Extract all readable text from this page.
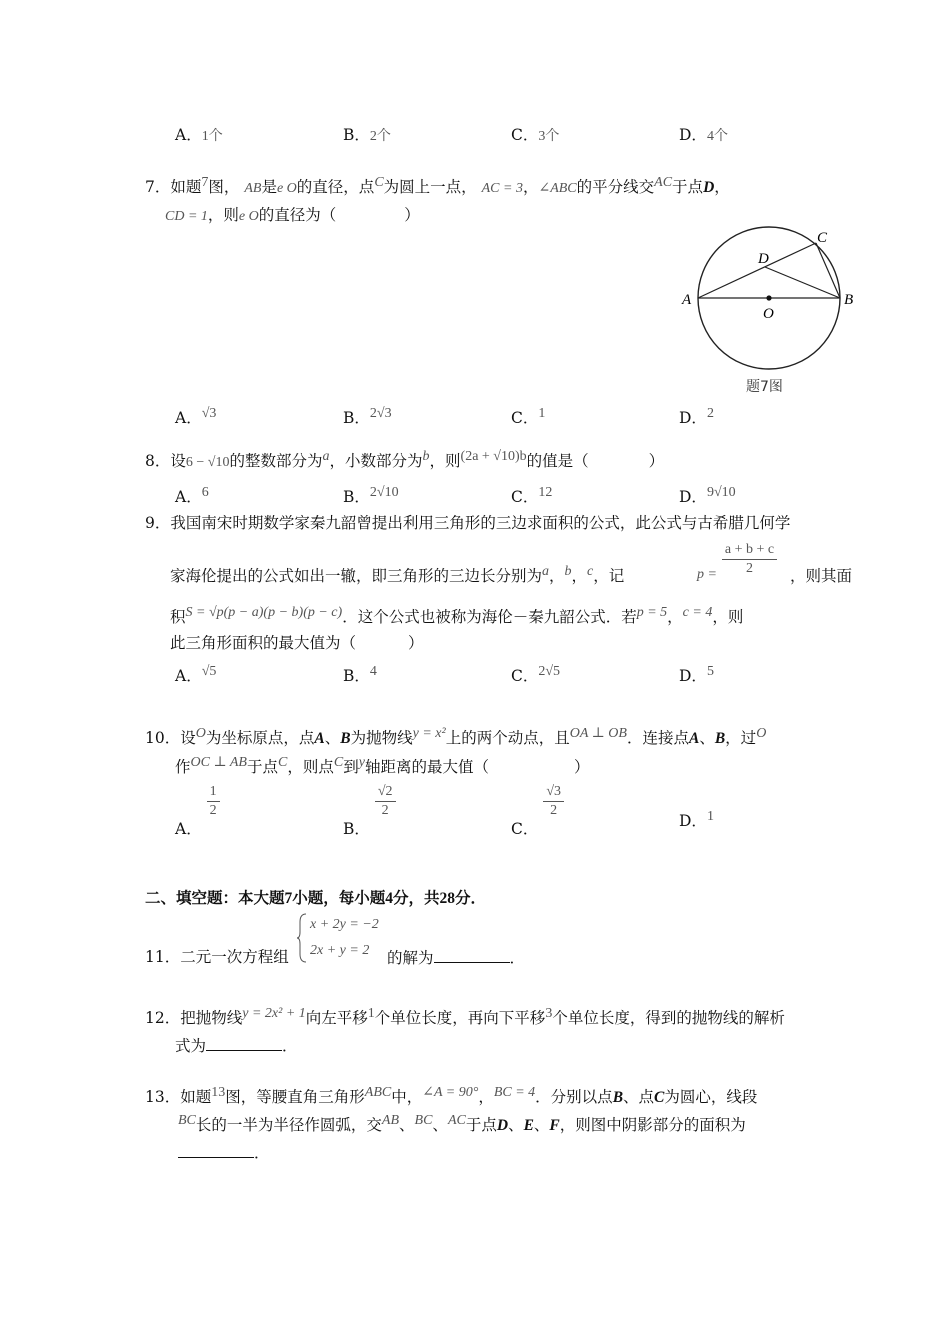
A．1个	B．2个	C．3个	D．4个
7．如题7图， AB是e O的直径，点C为圆上一点， AC = 3，∠ABC的平分线交AC于点D，
CD = 1，则e O的直径为（	）
A	B
C
D
O
题7图
A．√3	B．2√3	C．1	D．2
8．设6 − √10的整数部分为a，小数部分为b，则(2a + √10)b的值是（	）
A．6	B．2√10	C．12	D．9√10
9．我国南宋时期数学家秦九韶曾提出利用三角形的三边求面积的公式，此公式与古希腊几何学
家海伦提出的公式如出一辙，即三角形的三边长分别为a，b，c，记	$p = \frac{a + b + c}{2}$ ，则其面
积S = √p(p − a)(p − b)(p − c)．这个公式也被称为海伦－秦九韶公式．若p = 5，c = 4，则
此三角形面积的最大值为（	）
A．√5	B．4	C．2√5	D．5
10．设O为坐标原点，点A、B为抛物线y = x²上的两个动点，且OA ⊥ OB．连接点A、B，过O
作OC ⊥ AB于点C，则点C到y轴距离的最大值（	）
A．
$\frac{1}{2}$
B．
$\frac{√2}{2}$
C．
$\frac{√3}{2}$
D．1
二、填空题：本大题7小题，每小题4分，共28分．
11．二元一次方程组
x + 2y = −2
2x + y = 2 的解为	．
12．把抛物线y = 2x² + 1向左平移1个单位长度，再向下平移3个单位长度，得到的抛物线的解析
式为	．
13．如题13图，等腰直角三角形ABC中，∠A = 90°，BC = 4．分别以点B、点C为圆心，线段
BC长的一半为半径作圆弧，交AB、BC、AC于点D、E、F，则图中阴影部分的面积为
．
